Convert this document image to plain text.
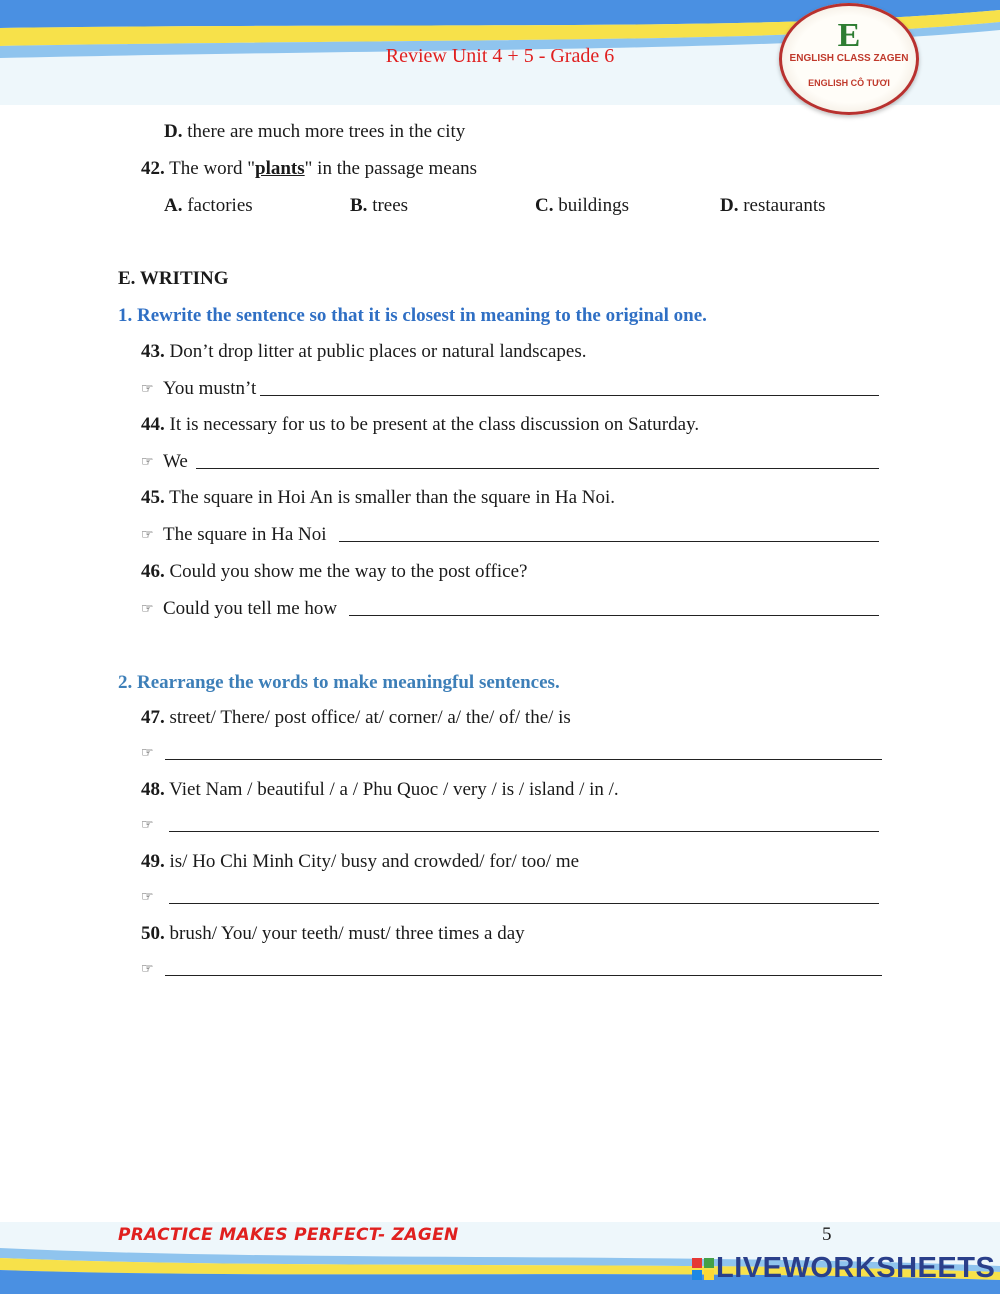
Review Unit 4 + 5 - Grade 6
E
ENGLISH CLASS ZAGEN
ENGLISH CÔ TƯƠI
D. there are much more trees in the city
42. The word "plants" in the passage means
A. factories	B. trees	C. buildings	D. restaurants
E. WRITING
1. Rewrite the sentence so that it is closest in meaning to the original one.
43. Don’t drop litter at public places or natural landscapes.
☞ You mustn’t
44. It is necessary for us to be present at the class discussion on Saturday.
☞ We
45. The square in Hoi An is smaller than the square in Ha Noi.
☞ The square in Ha Noi
46. Could you show me the way to the post office?
☞ Could you tell me how
2. Rearrange the words to make meaningful sentences.
47. street/ There/ post office/ at/ corner/ a/ the/ of/ the/ is
☞
48. Viet Nam / beautiful / a / Phu Quoc / very / is / island / in /.
☞
49. is/ Ho Chi Minh City/ busy and crowded/ for/ too/ me
☞
50. brush/ You/ your teeth/ must/ three times a day
☞
PRACTICE MAKES PERFECT- ZAGEN	5
LIVEWORKSHEETS
